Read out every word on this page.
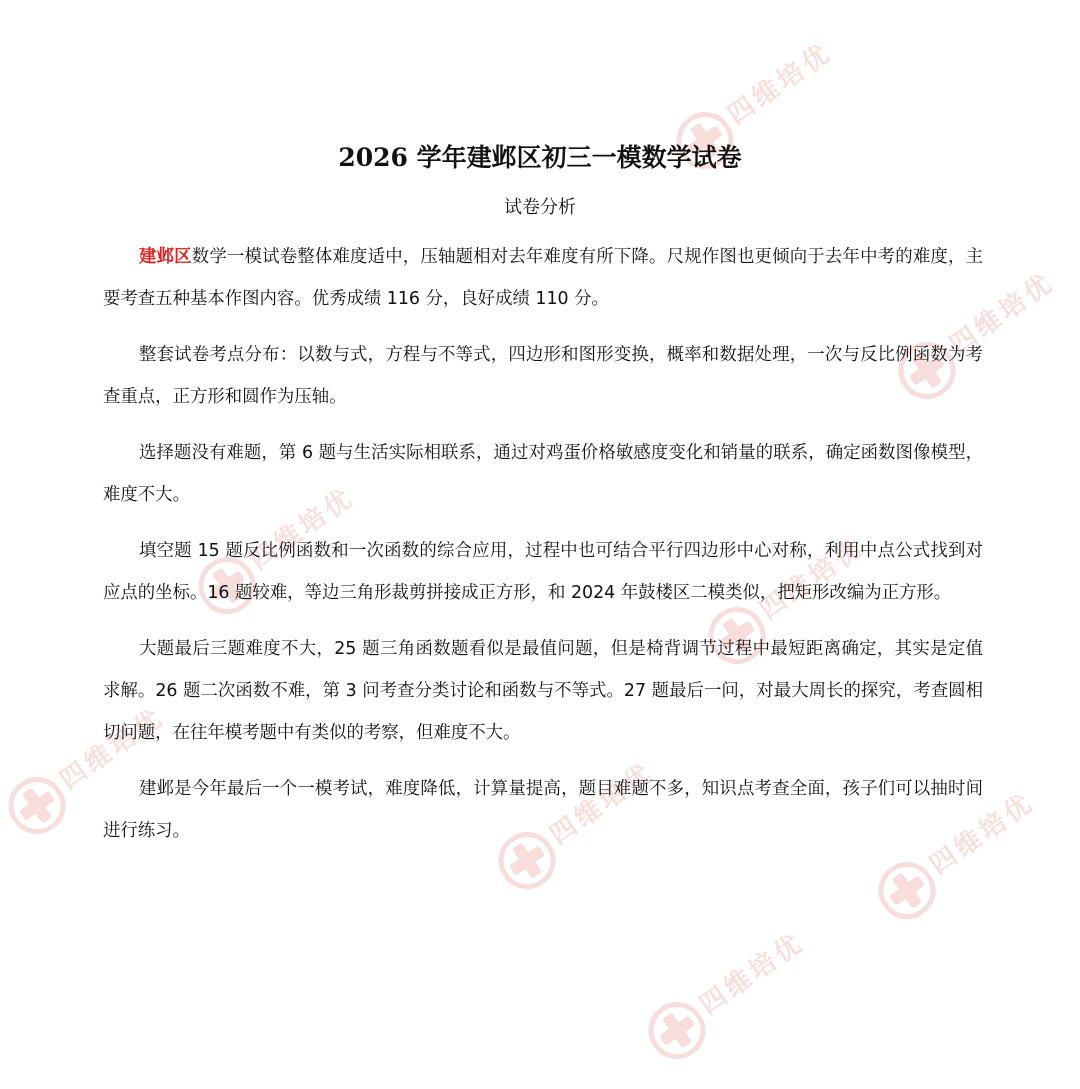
四维培优
四维培优
四维培优
四维培优
四维培优
四维培优	四维培优
四维培优
2026 学年建邺区初三一模数学试卷
试卷分析

建邺区数学一模试卷整体难度适中，压轴题相对去年难度有所下降。尺规作图也更倾向于去年中考的难度，主要考查五种基本作图内容。优秀成绩 116 分，良好成绩 110 分。

整套试卷考点分布：以数与式，方程与不等式，四边形和图形变换，概率和数据处理，一次与反比例函数为考查重点，正方形和圆作为压轴。

选择题没有难题，第 6 题与生活实际相联系，通过对鸡蛋价格敏感度变化和销量的联系，确定函数图像模型，难度不大。

填空题 15 题反比例函数和一次函数的综合应用，过程中也可结合平行四边形中心对称，利用中点公式找到对应点的坐标。16 题较难，等边三角形裁剪拼接成正方形，和 2024 年鼓楼区二模类似，把矩形改编为正方形。

大题最后三题难度不大，25 题三角函数题看似是最值问题，但是椅背调节过程中最短距离确定，其实是定值求解。26 题二次函数不难，第 3 问考查分类讨论和函数与不等式。27 题最后一问，对最大周长的探究，考查圆相切问题，在往年模考题中有类似的考察，但难度不大。

建邺是今年最后一个一模考试，难度降低，计算量提高，题目难题不多，知识点考查全面，孩子们可以抽时间进行练习。
